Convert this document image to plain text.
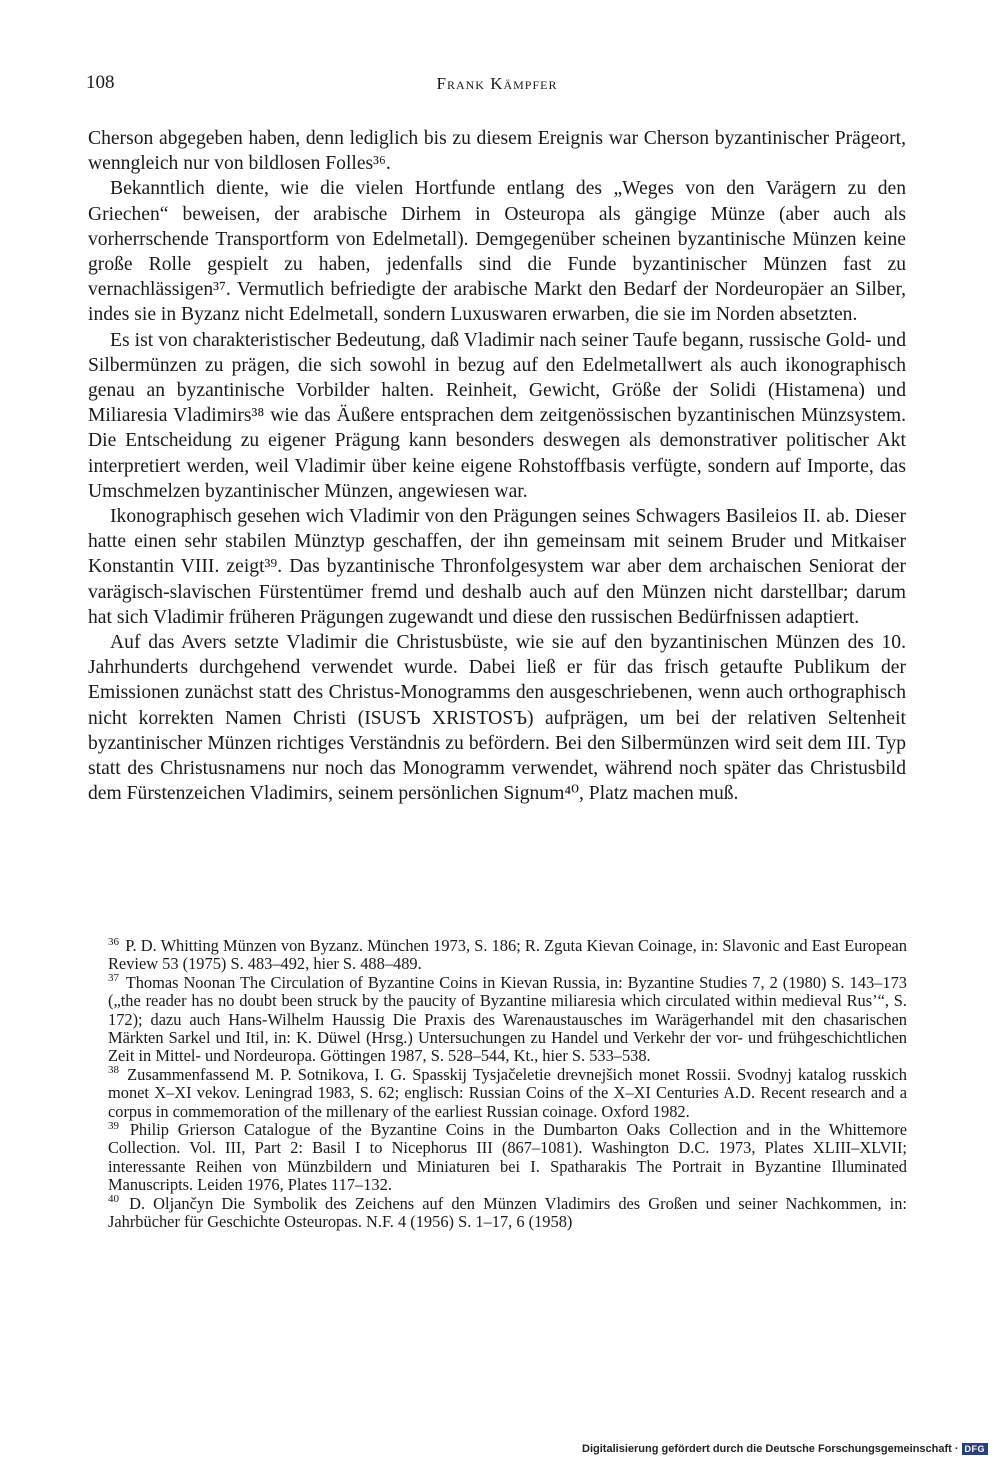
108	Frank Kämpfer

Cherson abgegeben haben, denn lediglich bis zu diesem Ereignis war Cherson byzantinischer Prägeort, wenngleich nur von bildlosen Folles³⁶.

Bekanntlich diente, wie die vielen Hortfunde entlang des „Weges von den Varägern zu den Griechen“ beweisen, der arabische Dirhem in Osteuropa als gängige Münze (aber auch als vorherrschende Transportform von Edelmetall). Demgegenüber scheinen byzantinische Münzen keine große Rolle gespielt zu haben, jedenfalls sind die Funde byzantinischer Münzen fast zu vernachlässigen³⁷. Vermutlich befriedigte der arabische Markt den Bedarf der Nordeuropäer an Silber, indes sie in Byzanz nicht Edelmetall, sondern Luxuswaren erwarben, die sie im Norden absetzten.

Es ist von charakteristischer Bedeutung, daß Vladimir nach seiner Taufe begann, russische Gold- und Silbermünzen zu prägen, die sich sowohl in bezug auf den Edelmetallwert als auch ikonographisch genau an byzantinische Vorbilder halten. Reinheit, Gewicht, Größe der Solidi (Histamena) und Miliaresia Vladimirs³⁸ wie das Äußere entsprachen dem zeitgenössischen byzantinischen Münzsystem. Die Entscheidung zu eigener Prägung kann besonders deswegen als demonstrativer politischer Akt interpretiert werden, weil Vladimir über keine eigene Rohstoffbasis verfügte, sondern auf Importe, das Umschmelzen byzantinischer Münzen, angewiesen war.

Ikonographisch gesehen wich Vladimir von den Prägungen seines Schwagers Basileios II. ab. Dieser hatte einen sehr stabilen Münztyp geschaffen, der ihn gemeinsam mit seinem Bruder und Mitkaiser Konstantin VIII. zeigt³⁹. Das byzantinische Thronfolgesystem war aber dem archaischen Seniorat der varägisch-slavischen Fürstentümer fremd und deshalb auch auf den Münzen nicht darstellbar; darum hat sich Vladimir früheren Prägungen zugewandt und diese den russischen Bedürfnissen adaptiert.

Auf das Avers setzte Vladimir die Christusbüste, wie sie auf den byzantinischen Münzen des 10. Jahrhunderts durchgehend verwendet wurde. Dabei ließ er für das frisch getaufte Publikum der Emissionen zunächst statt des Christus-Monogramms den ausgeschriebenen, wenn auch orthographisch nicht korrekten Namen Christi (ISUSЪ XRISTOSЪ) aufprägen, um bei der relativen Seltenheit byzantinischer Münzen richtiges Verständnis zu befördern. Bei den Silbermünzen wird seit dem III. Typ statt des Christusnamens nur noch das Monogramm verwendet, während noch später das Christusbild dem Fürstenzeichen Vladimirs, seinem persönlichen Signum⁴⁰, Platz machen muß.

$^{36}$ P. D. Whitting Münzen von Byzanz. München 1973, S. 186; R. Zguta Kievan Coinage, in: Slavonic and East European Review 53 (1975) S. 483–492, hier S. 488–489.

$^{37}$ Thomas Noonan The Circulation of Byzantine Coins in Kievan Russia, in: Byzantine Studies 7, 2 (1980) S. 143–173 („the reader has no doubt been struck by the paucity of Byzantine miliaresia which circulated within medieval Rus’“, S. 172); dazu auch Hans-Wilhelm Haussig Die Praxis des Warenaustausches im Warägerhandel mit den chasarischen Märkten Sarkel und Itil, in: K. Düwel (Hrsg.) Untersuchungen zu Handel und Verkehr der vor- und frühgeschichtlichen Zeit in Mittel- und Nordeuropa. Göttingen 1987, S. 528–544, Kt., hier S. 533–538.

$^{38}$ Zusammenfassend M. P. Sotnikova, I. G. Spasskij Tysjačeletie drevnejšich monet Rossii. Svodnyj katalog russkich monet X–XI vekov. Leningrad 1983, S. 62; englisch: Russian Coins of the X–XI Centuries A.D. Recent research and a corpus in commemoration of the millenary of the earliest Russian coinage. Oxford 1982.

$^{39}$ Philip Grierson Catalogue of the Byzantine Coins in the Dumbarton Oaks Collection and in the Whittemore Collection. Vol. III, Part 2: Basil I to Nicephorus III (867–1081). Washington D.C. 1973, Plates XLIII–XLVII; interessante Reihen von Münzbildern und Miniaturen bei I. Spatharakis The Portrait in Byzantine Illuminated Manuscripts. Leiden 1976, Plates 117–132.

$^{40}$ D. Oljančyn Die Symbolik des Zeichens auf den Münzen Vladimirs des Großen und seiner Nachkommen, in: Jahrbücher für Geschichte Osteuropas. N.F. 4 (1956) S. 1–17, 6 (1958)

Digitalisierung gefördert durch die Deutsche Forschungsgemeinschaft · DFG
